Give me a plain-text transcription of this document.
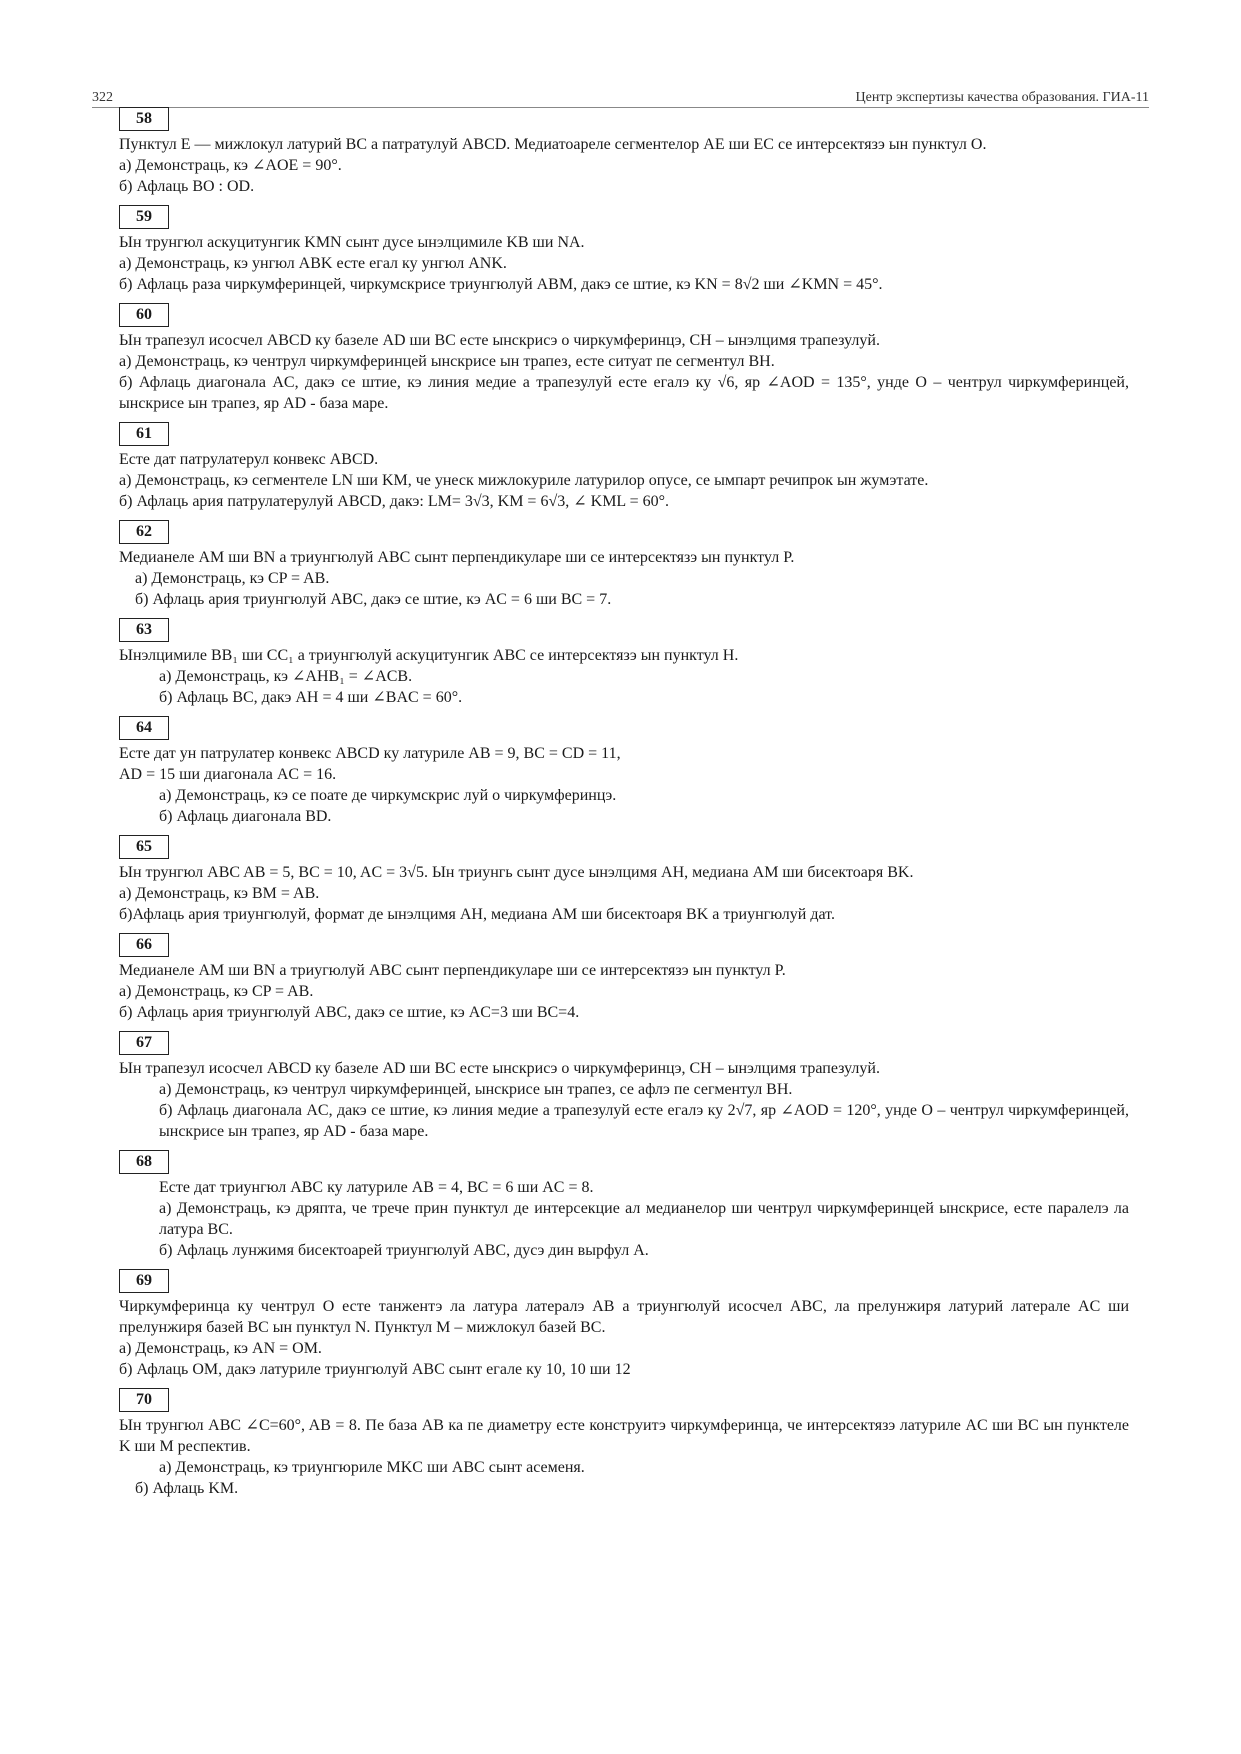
322	Центр экспертизы качества образования. ГИА-11
58

Пунктул E — мижлокул латурий BC а патратулуй ABCD. Медиатоареле сегментелор AE ши EC се интерсектязэ ын пунктул O.

а) Демонстраць, кэ ∠AOE = 90°.

б) Афлаць BO : OD.

59

Ын трунгюл аскуцитунгик KMN сынт дусе ынэлцимиле KB ши NA.

а) Демонстраць, кэ унгюл ABK есте егал ку унгюл ANK.

б) Афлаць раза чиркумферинцей, чиркумскрисе триунгюлуй ABM, дакэ се штие, кэ KN = 8√2 ши ∠KMN = 45°.

60

Ын трапезул исосчел ABCD ку базеле AD ши BC есте ынскрисэ о чиркумферинцэ, CH – ынэлцимя трапезулуй.

а) Демонстраць, кэ чентрул чиркумферинцей ынскрисе ын трапез, есте ситуат пе сегментул BH.

б) Афлаць диагонала AC, дакэ се штие, кэ линия медие а трапезулуй есте егалэ ку √6, яр ∠AOD = 135°, унде O – чентрул чиркумферинцей, ынскрисе ын трапез, яр AD - база маре.

61

Есте дат патрулатерул конвекс ABCD.

а) Демонстраць, кэ сегментеле LN ши KM, че унеск мижлокуриле латурилор опусе, се ымпарт речипрок ын жумэтате.

б) Афлаць ария патрулатерулуй ABCD, дакэ: LM= 3√3, KM = 6√3, ∠ KML = 60°.

62

Медианеле AM ши BN а триунгюлуй ABC сынт перпендикуларе ши се интерсектязэ ын пунктул P.

а) Демонстраць, кэ CP = AB.

б) Афлаць ария триунгюлуй ABC, дакэ се штие, кэ AC = 6 ши BC = 7.

63

Ынэлцимиле BB₁ ши CC₁ а триунгюлуй аскуцитунгик ABC се интерсектязэ ын пунктул H.

а) Демонстраць, кэ ∠AHB₁ = ∠ACB.

б) Афлаць BC, дакэ AH = 4 ши ∠BAC = 60°.

64

Есте дат ун патрулатер конвекс ABCD ку латуриле AB = 9, BC = CD = 11,

AD = 15 ши диагонала AC = 16.

а) Демонстраць, кэ се поате де чиркумскрис луй о чиркумферинцэ.

б) Афлаць диагонала BD.

65

Ын трунгюл ABC AB = 5, BC = 10, AC = 3√5. Ын триунгь сынт дусе ынэлцимя AH, медиана AM ши бисектоаря BK.

а) Демонстраць, кэ BM = AB.

б)Афлаць ария триунгюлуй, формат де ынэлцимя AH, медиана AM ши бисектоаря BK а триунгюлуй дат.

66

Медианеле AM ши BN а триугюлуй ABC сынт перпендикуларе ши се интерсектязэ ын пунктул P.

а) Демонстраць, кэ CP = AB.

б) Афлаць ария триунгюлуй ABC, дакэ се штие, кэ AC=3 ши BC=4.

67

Ын трапезул исосчел ABCD ку базеле AD ши BC есте ынскрисэ о чиркумферинцэ, CH – ынэлцимя трапезулуй.

а) Демонстраць, кэ чентрул чиркумферинцей, ынскрисе ын трапез, се афлэ пе сегментул BH.

б) Афлаць диагонала AC, дакэ се штие, кэ линия медие а трапезулуй есте егалэ ку 2√7, яр ∠AOD = 120°, унде O – чентрул чиркумферинцей, ынскрисе ын трапез, яр AD - база маре.

68

Есте дат триунгюл ABC ку латуриле AB = 4, BC = 6 ши AC = 8.

а) Демонстраць, кэ дряпта, че трече прин пунктул де интерсекцие ал медианелор ши чентрул чиркумферинцей ынскрисе, есте паралелэ ла латура BC.

б) Афлаць лунжимя бисектоарей триунгюлуй ABC, дусэ дин вырфул A.

69

Чиркумферинца ку чентрул O есте танжентэ ла латура латералэ AB а триунгюлуй исосчел ABC, ла прелунжиря латурий латерале AC ши прелунжиря базей BC ын пунктул N. Пунктул M – мижлокул базей BC.

а) Демонстраць, кэ AN = OM.

б) Афлаць OM, дакэ латуриле триунгюлуй ABC сынт егале ку 10, 10 ши 12

70

Ын трунгюл ABC ∠C=60°, AB = 8. Пе база AB ка пе диаметру есте конструитэ чиркумферинца, че интерсектязэ латуриле AC ши BC ын пунктеле K ши M респектив.

а) Демонстраць, кэ триунгюриле MKC ши ABC сынт асеменя.

б) Афлаць KM.
